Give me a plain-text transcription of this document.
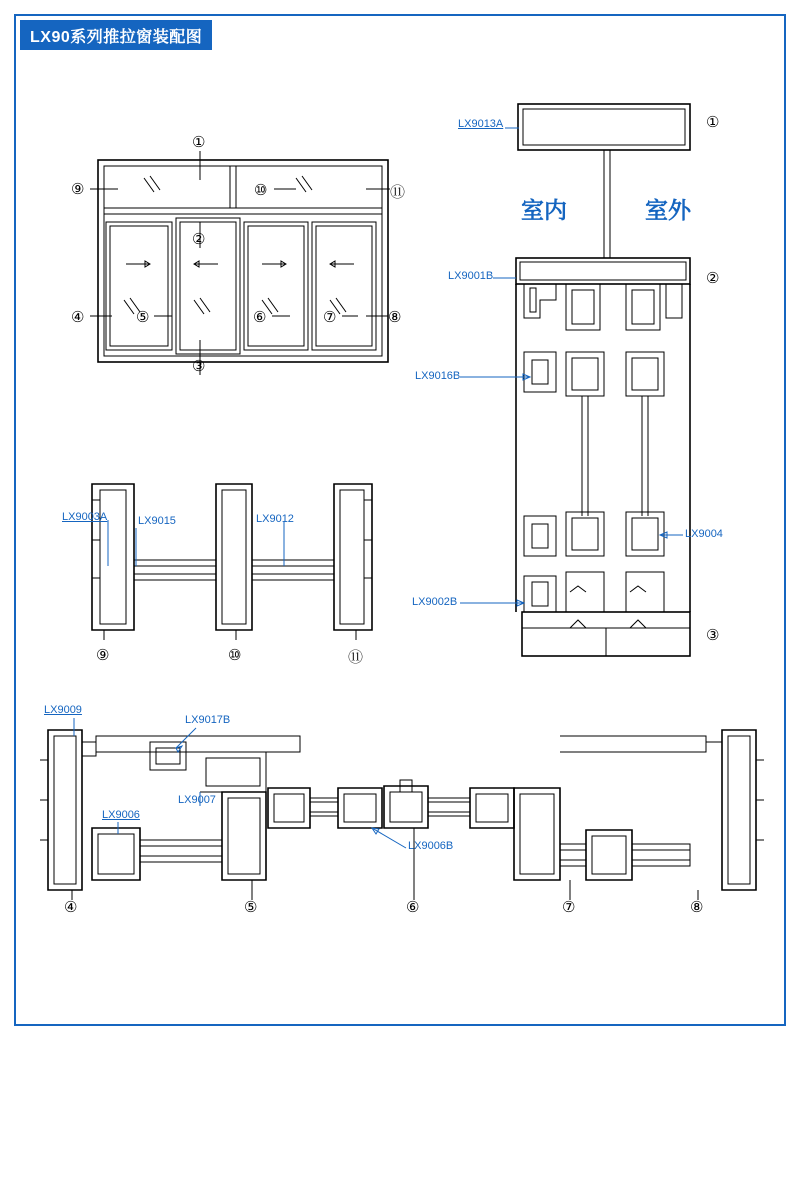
LX90系列推拉窗装配图
LX9013A
LX9001B
LX9016B
LX9004
LX9002B
LX9003A	LX9015	LX9012
LX9009
LX9017B
LX9006
LX9007
LX9006B
室内	室外
①
⑨	⑩	⑪
②
④	⑤	⑥	⑦	⑧
③
①
②
③
⑨	⑩	⑪
④	⑤	⑥	⑦	⑧
